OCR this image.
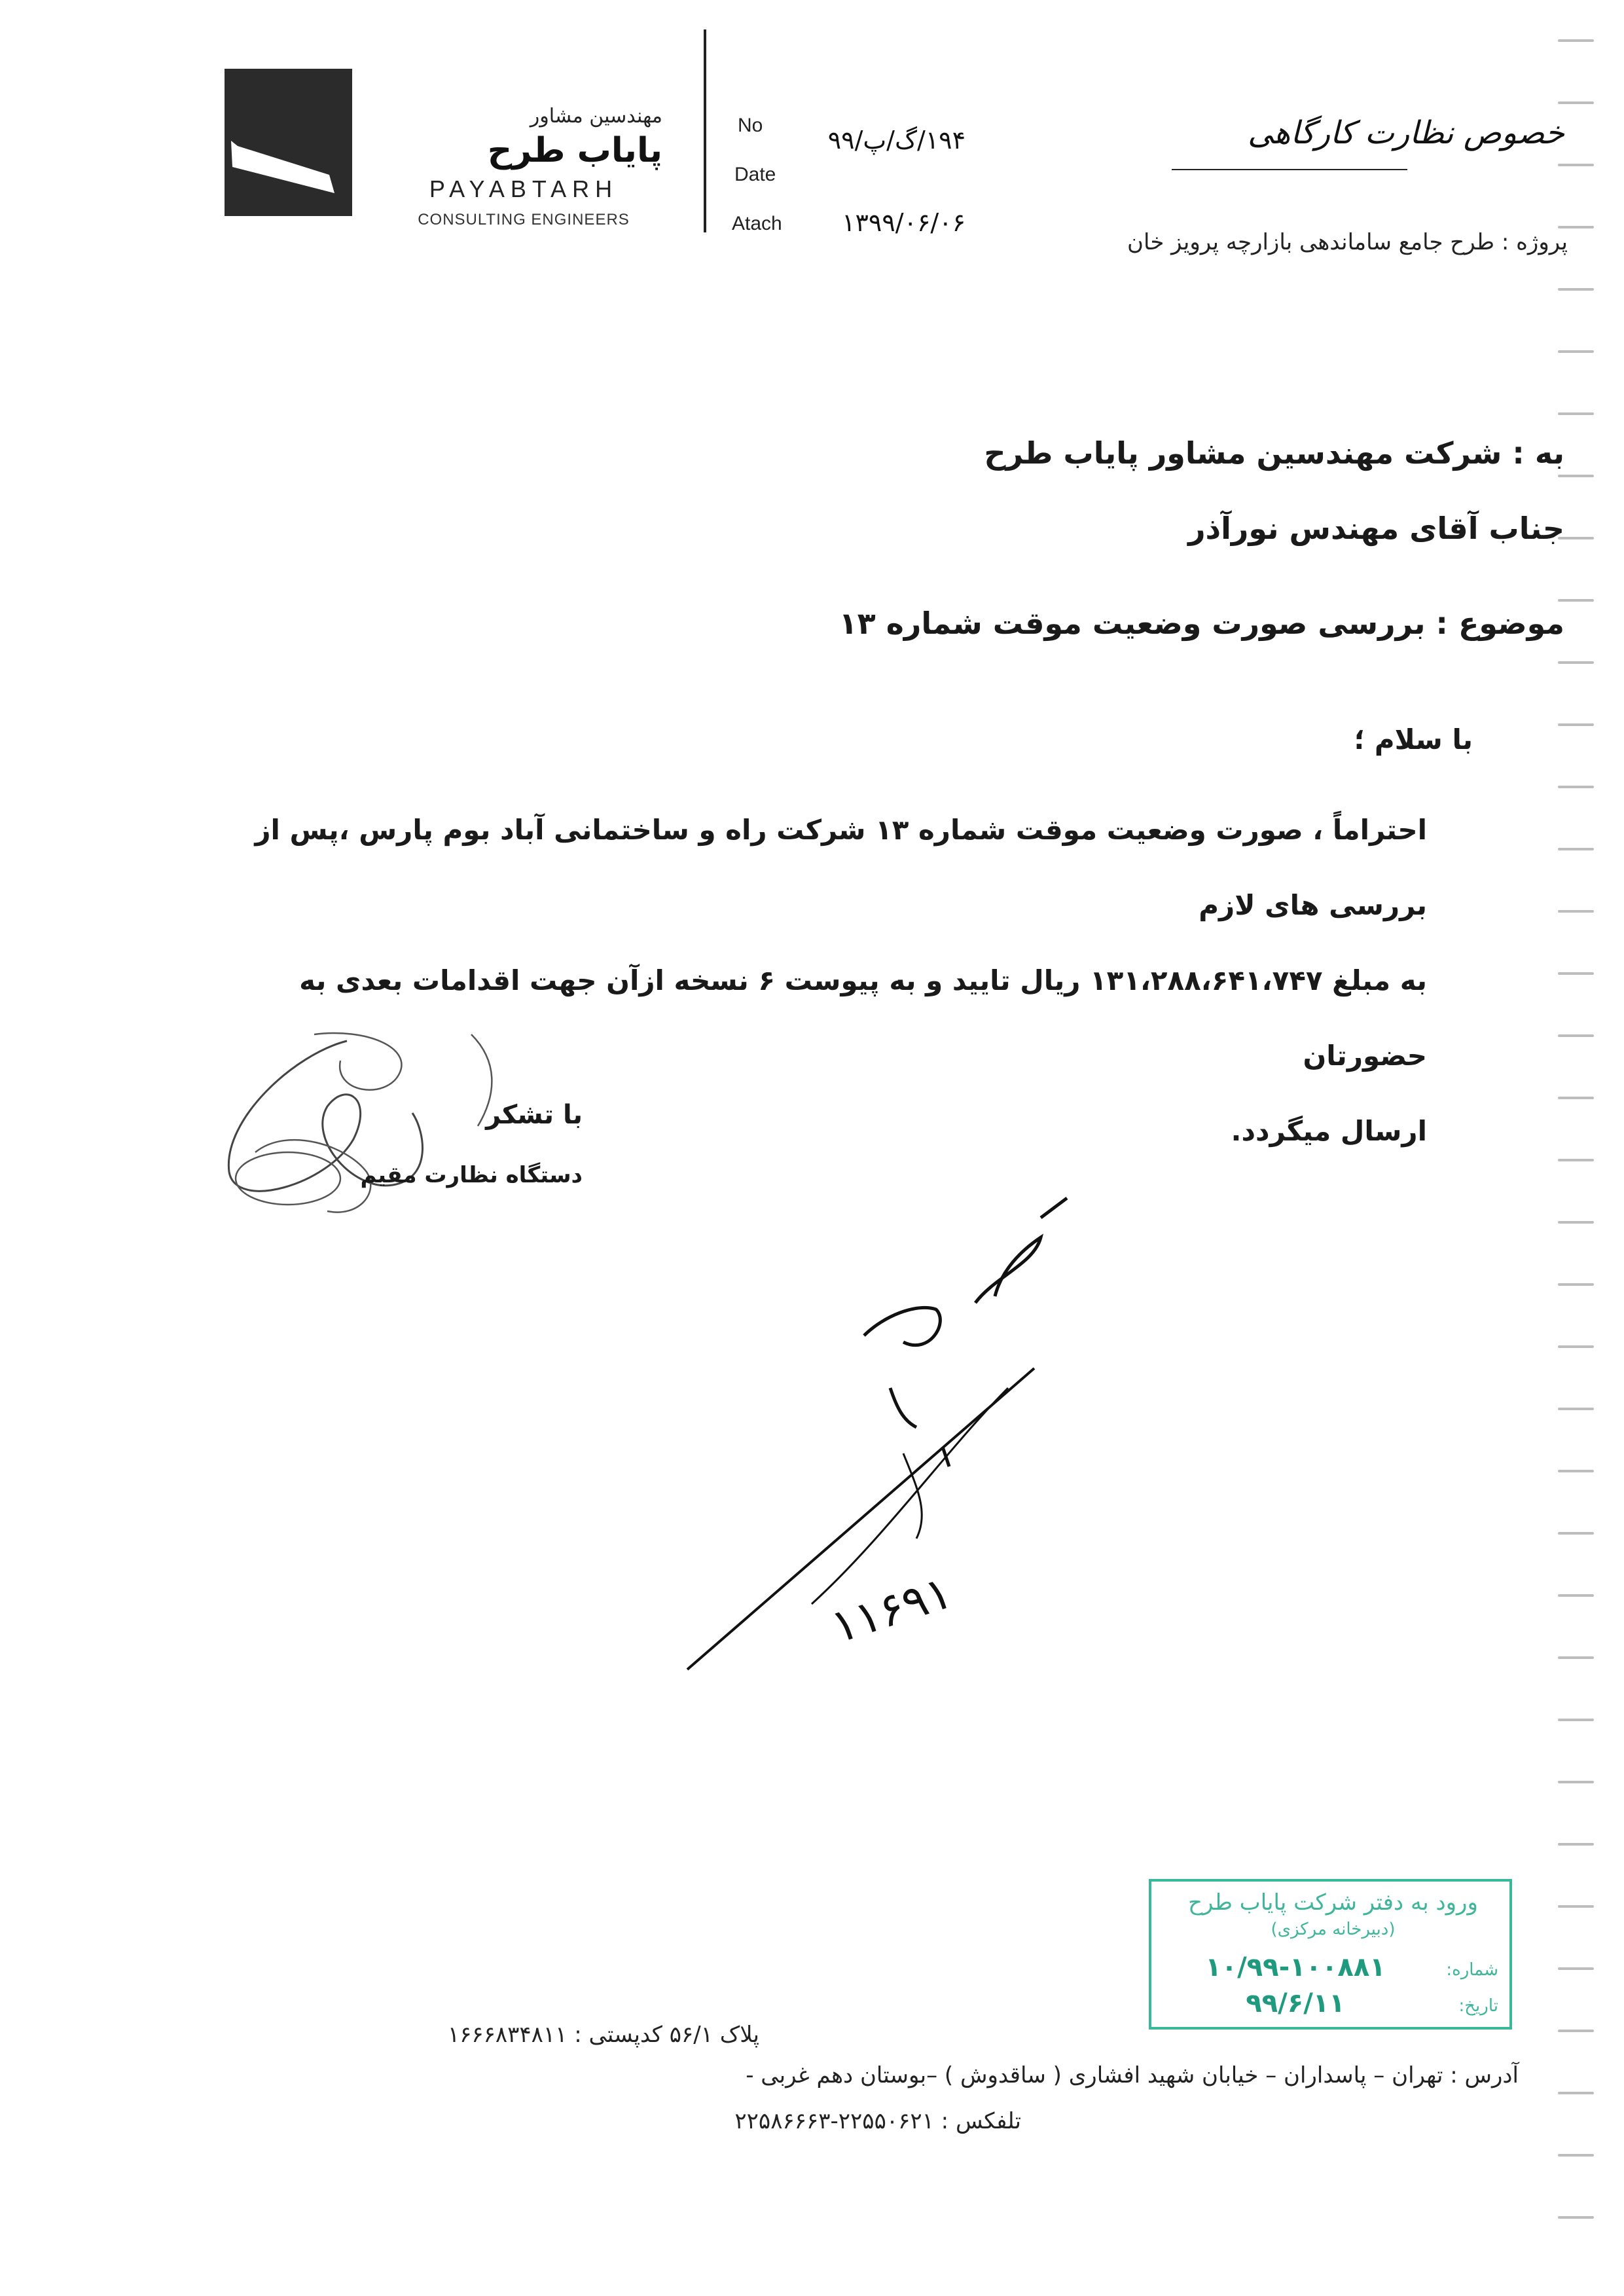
مهندسین مشاور
پایاب طرح
PAYABTARH
CONSULTING ENGINEERS
No
Date
Atach
۱۹۴/گ/پ/۹۹
۱۳۹۹/۰۶/۰۶
خصوص نظارت کارگاهی
پروژه : طرح جامع ساماندهی بازارچه پرویز خان
به : شرکت مهندسین مشاور پایاب طرح
جناب آقای مهندس نورآذر
موضوع : بررسی صورت وضعیت موقت شماره ۱۳
با سلام ؛

احتراماً ، صورت وضعیت موقت شماره ۱۳ شرکت راه و ساختمانی آباد بوم پارس ،پس از بررسی های لازم

به مبلغ ۱۳۱،۲۸۸،۶۴۱،۷۴۷ ریال تایید و به پیوست ۶ نسخه ازآن جهت اقدامات بعدی به حضورتان

ارسال میگردد.

با تشکر
دستگاه نظارت مقیم
۱۱۶۹۱
ورود به دفتر شرکت پایاب طرح
(دبیرخانه مرکزی)
شماره:
۱۰/۹۹-۱۰۰۸۸۱
تاریخ:
۹۹/۶/۱۱
پلاک ۵۶/۱ کدپستی : ۱۶۶۶۸۳۴۸۱۱
آدرس : تهران – پاسداران – خیابان شهید افشاری ( ساقدوش ) –بوستان دهم غربی -
تلفکس : ۲۲۵۵۰۶۲۱-۲۲۵۸۶۶۶۳
